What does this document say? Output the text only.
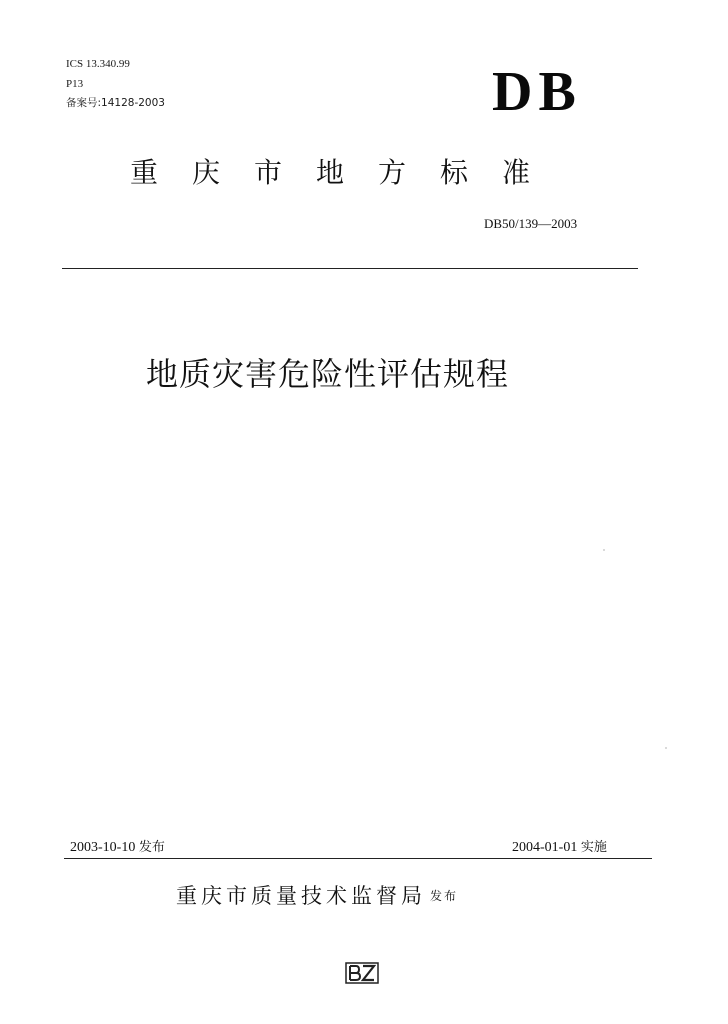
ICS 13.340.99
P13
备案号:14128-2003	DB
重庆市地方标准
DB50/139—2003
地质灾害危险性评估规程
2003-10-10 发布	2004-01-01 实施
重庆市质量技术监督局 发布
